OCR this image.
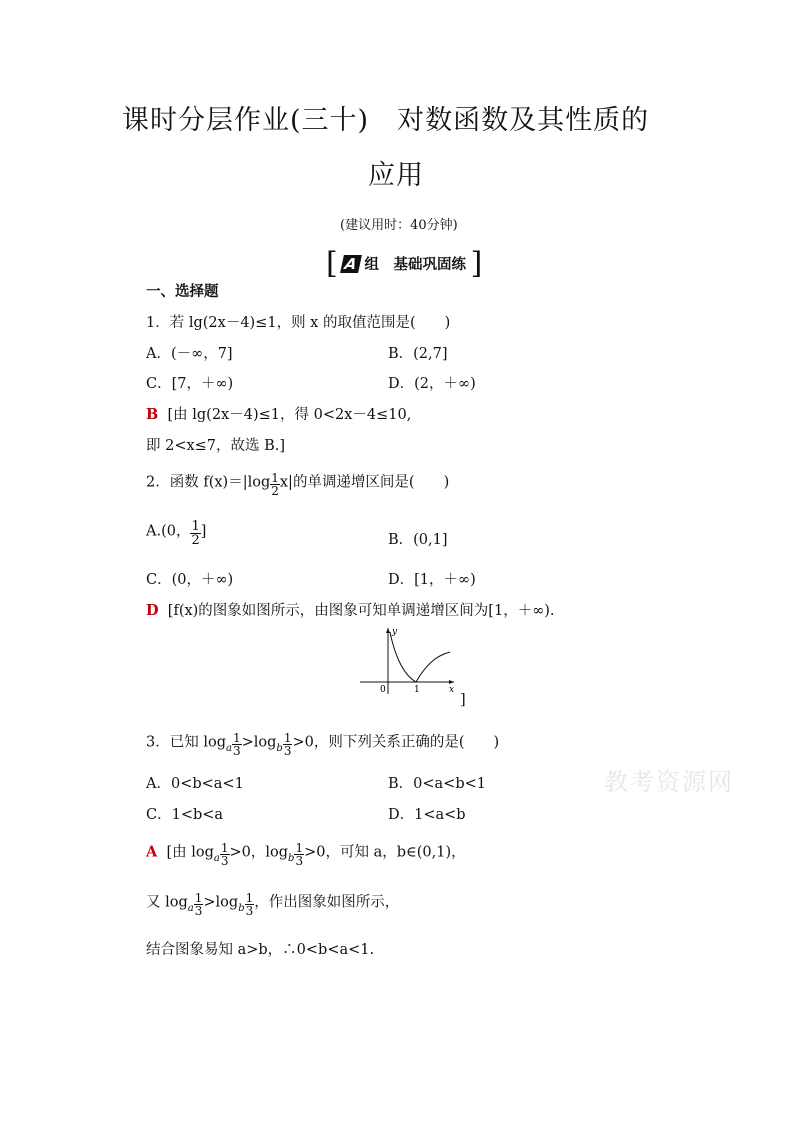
课时分层作业(三十)　对数函数及其性质的
应用
(建议用时：40分钟)
[ A 组　基础巩固练 ]
一、选择题
1．若 lg(2x－4)≤1，则 x 的取值范围是(　　)
A．(－∞，7]	B．(2,7]
C．[7，＋∞)	D．(2，＋∞)
B [由 lg(2x－4)≤1，得 0<2x－4≤10,
即 2<x≤7，故选 B.]
2．函数 $f(x)=|\log \frac{1}{2} x|$的单调递增区间是(　　)
A.(0， $\frac{1}{2}$ ]
B．(0,1]
C．(0，＋∞)	D．[1，＋∞)
D [f(x)的图象如图所示，由图象可知单调递增区间为[1，＋∞).
y
x
0	1
]
3．已知 $\log_a \frac{1}{3} >\log_b \frac{1}{3} >0$，则下列关系正确的是(　　)
A．0<b<a<1	B．0<a<b<1
C．1<b<a	D．1<a<b
A [由 $\log_a \frac{1}{3} >0$，$\log_b \frac{1}{3} >0$，可知 a，b∈(0,1)，
又 $\log_a \frac{1}{3} >\log_b \frac{1}{3}$ ，作出图象如图所示，
结合图象易知 a>b，∴0<b<a<1.
教考资源网
